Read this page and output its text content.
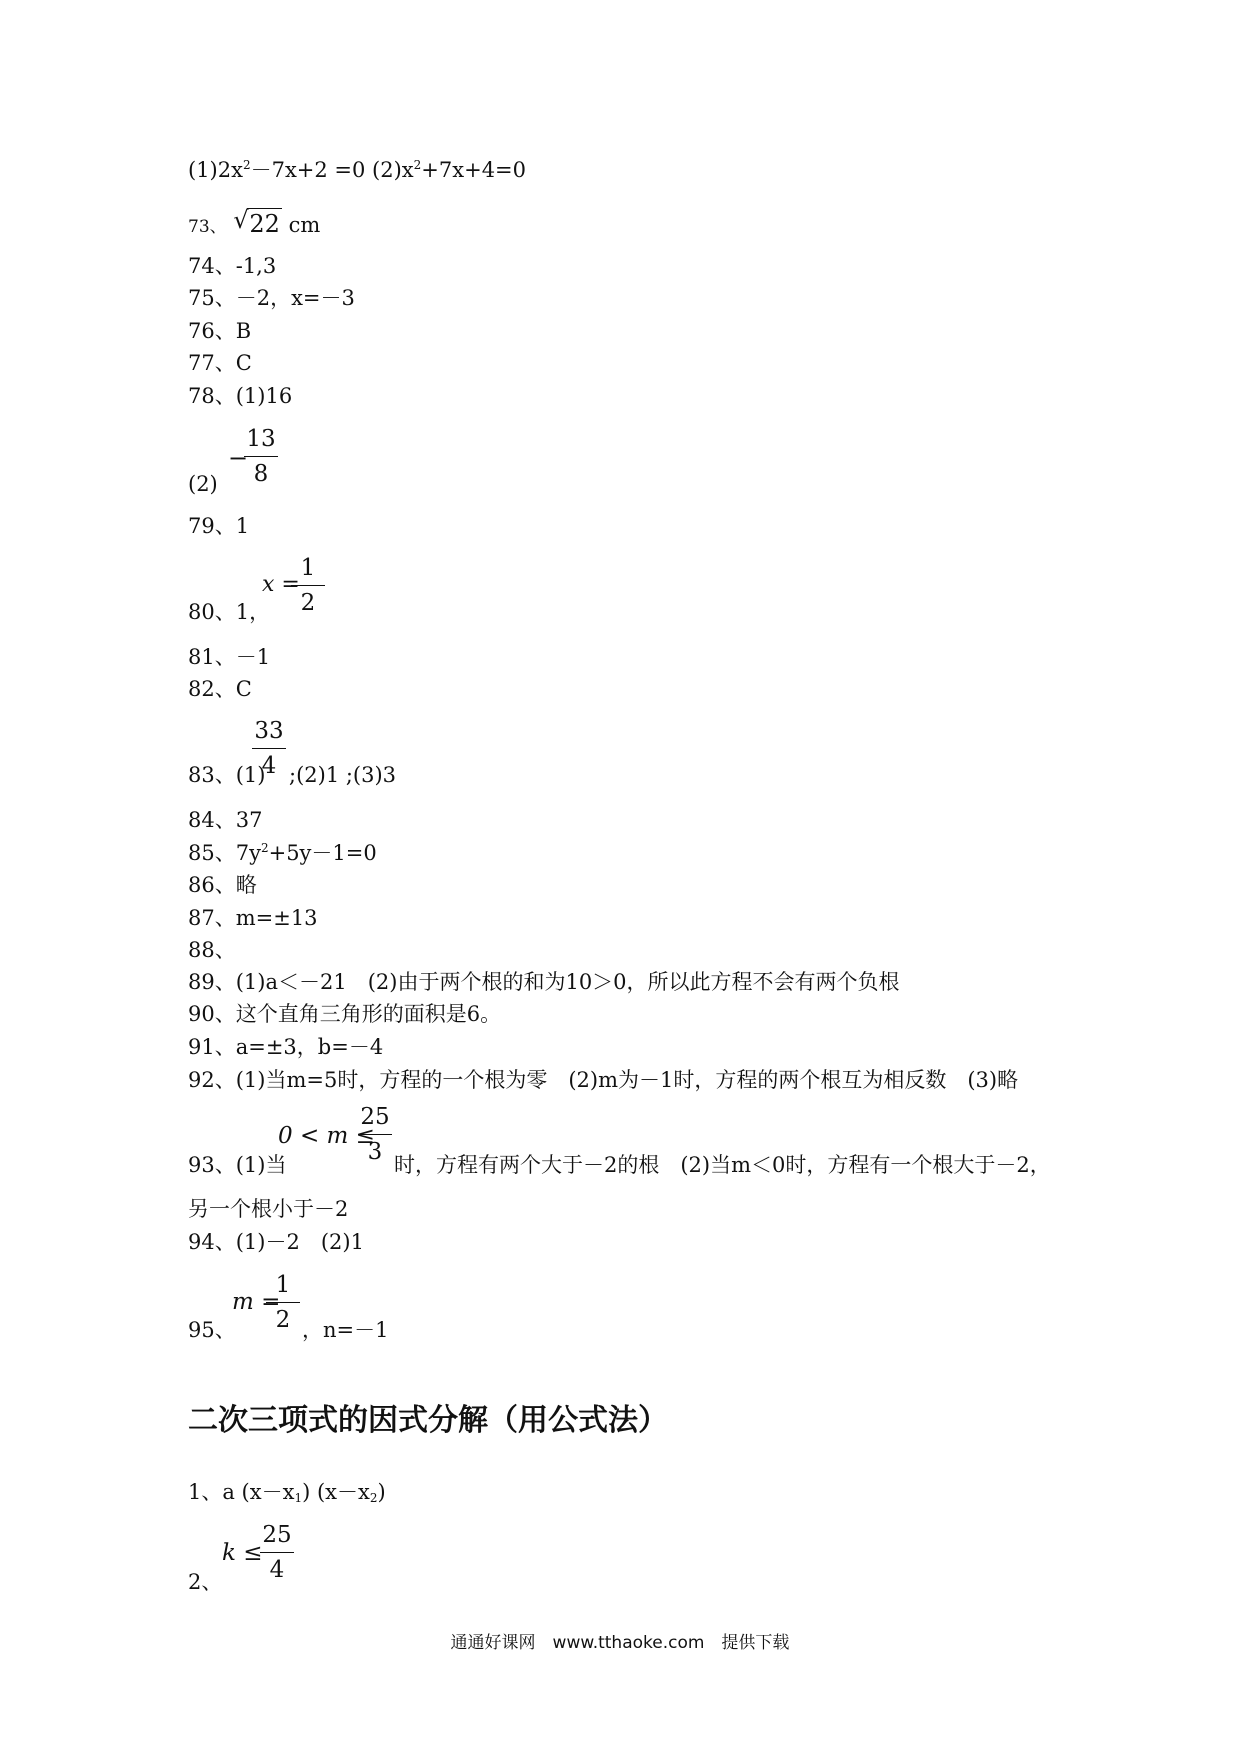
$(1)2x^2-7x+2 =0$ $(2)x^2+7x+4=0$
73、 √ 22 cm
74、-1,3
75、－2，x=－3
76、B
77、C
78、(1)16
(2)
−
13
8
79、1
80、1，
x =
1
2
81、－1
82、C
83、(1)
33
4 ;(2)1 ;(3)3
84、37
85、$7y^2+5y-1=0$
86、略
87、m=±13
88、
89、(1)a＜－21　(2)由于两个根的和为10＞0，所以此方程不会有两个负根
90、这个直角三角形的面积是6。
91、a=±3，b=－4
92、(1)当m=5时，方程的一个根为零　(2)m为－1时，方程的两个根互为相反数　(3)略
93、(1)当
0 < m ≤
25
3 时，方程有两个大于－2的根　(2)当m＜0时，方程有一个根大于－2，
另一个根小于－2
94、(1)－2　(2)1
95、
m =
1
2 ，n=－1
二次三项式的因式分解（用公式法）
1、a $(x-x_1)$ $(x-x_2)$
2、
k ≤
25
4
通通好课网　www.tthaoke.com　提供下载
